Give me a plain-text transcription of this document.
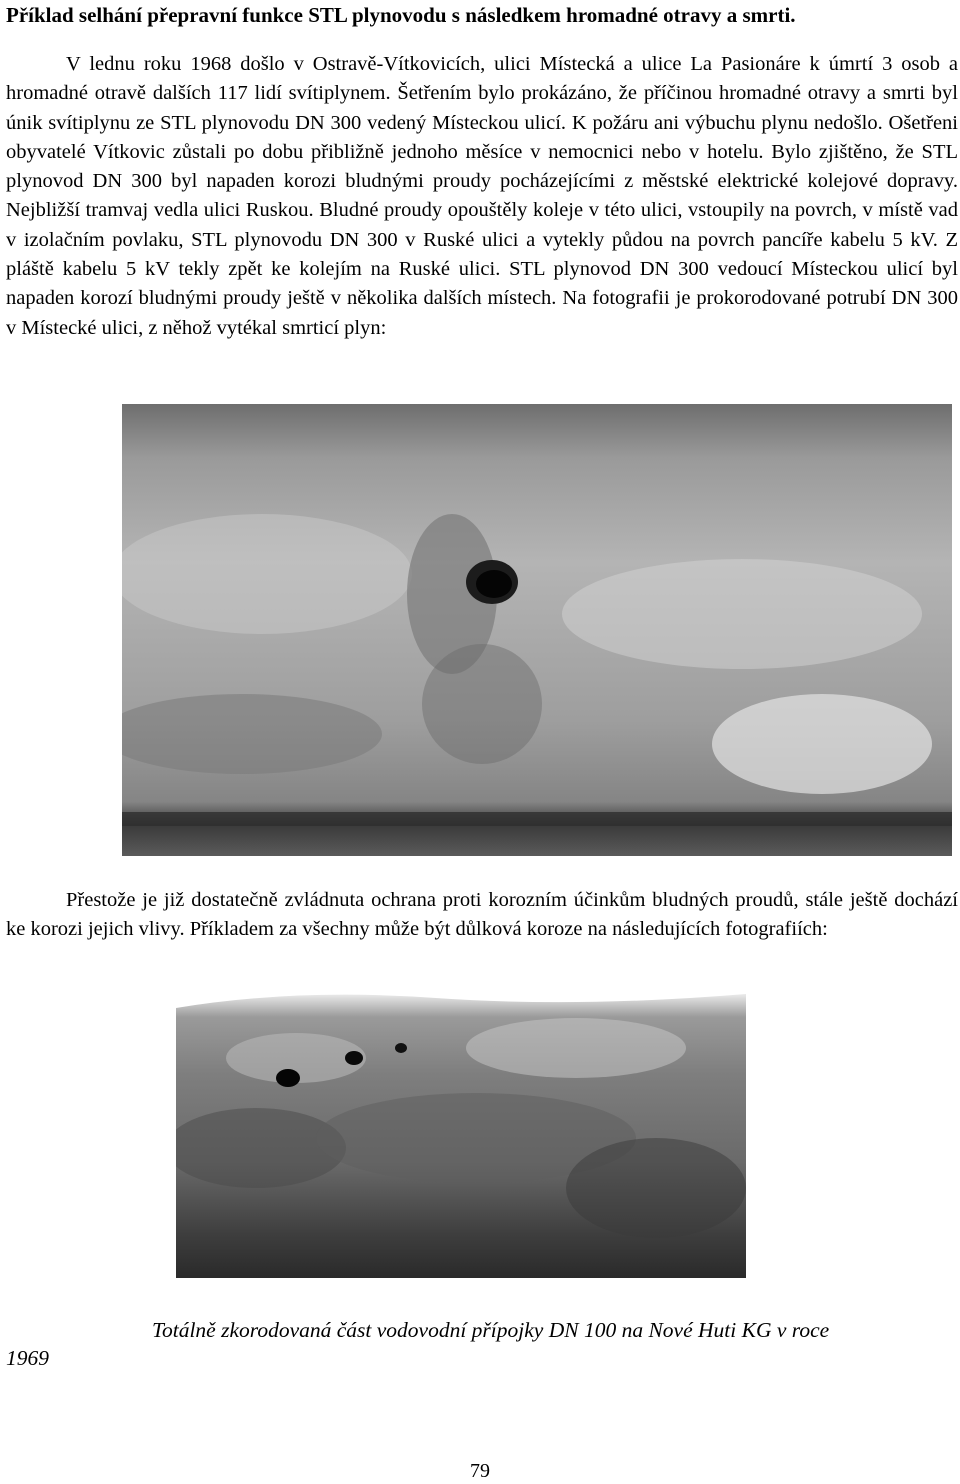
Příklad selhání přepravní funkce STL plynovodu s následkem hromadné otravy a smrti.

V lednu roku 1968 došlo v Ostravě-Vítkovicích, ulici Místecká a ulice La Pasionáre k úmrtí 3 osob a hromadné otravě dalších 117 lidí svítiplynem. Šetřením bylo prokázáno, že příčinou hromadné otravy a smrti byl únik svítiplynu ze STL plynovodu DN 300 vedený Místeckou ulicí. K požáru ani výbuchu plynu nedošlo. Ošetřeni obyvatelé Vítkovic zůstali po dobu přibližně jednoho měsíce v nemocnici nebo v hotelu. Bylo zjištěno, že STL plynovod DN 300 byl napaden korozi bludnými proudy pocházejícími z městské elektrické kolejové dopravy. Nejbližší tramvaj vedla ulici Ruskou. Bludné proudy opouštěly koleje v této ulici, vstoupily na povrch, v místě vad v izolačním povlaku, STL plynovodu DN 300 v Ruské ulici a vytekly půdou na povrch pancíře kabelu 5 kV. Z pláště kabelu 5 kV tekly zpět ke kolejím na Ruské ulici. STL plynovod DN 300 vedoucí Místeckou ulicí byl napaden korozí bludnými proudy ještě v několika dalších místech. Na fotografii je prokorodované potrubí DN 300 v Místecké ulici, z něhož vytékal smrticí plyn:

Přestože je již dostatečně zvládnuta ochrana proti korozním účinkům bludných proudů, stále ještě dochází ke korozi jejich vlivy. Příkladem za všechny může být důlková koroze na následujících fotografiích:

Totálně zkorodovaná část vodovodní přípojky DN 100 na Nové Huti KG v roce

1969

79
